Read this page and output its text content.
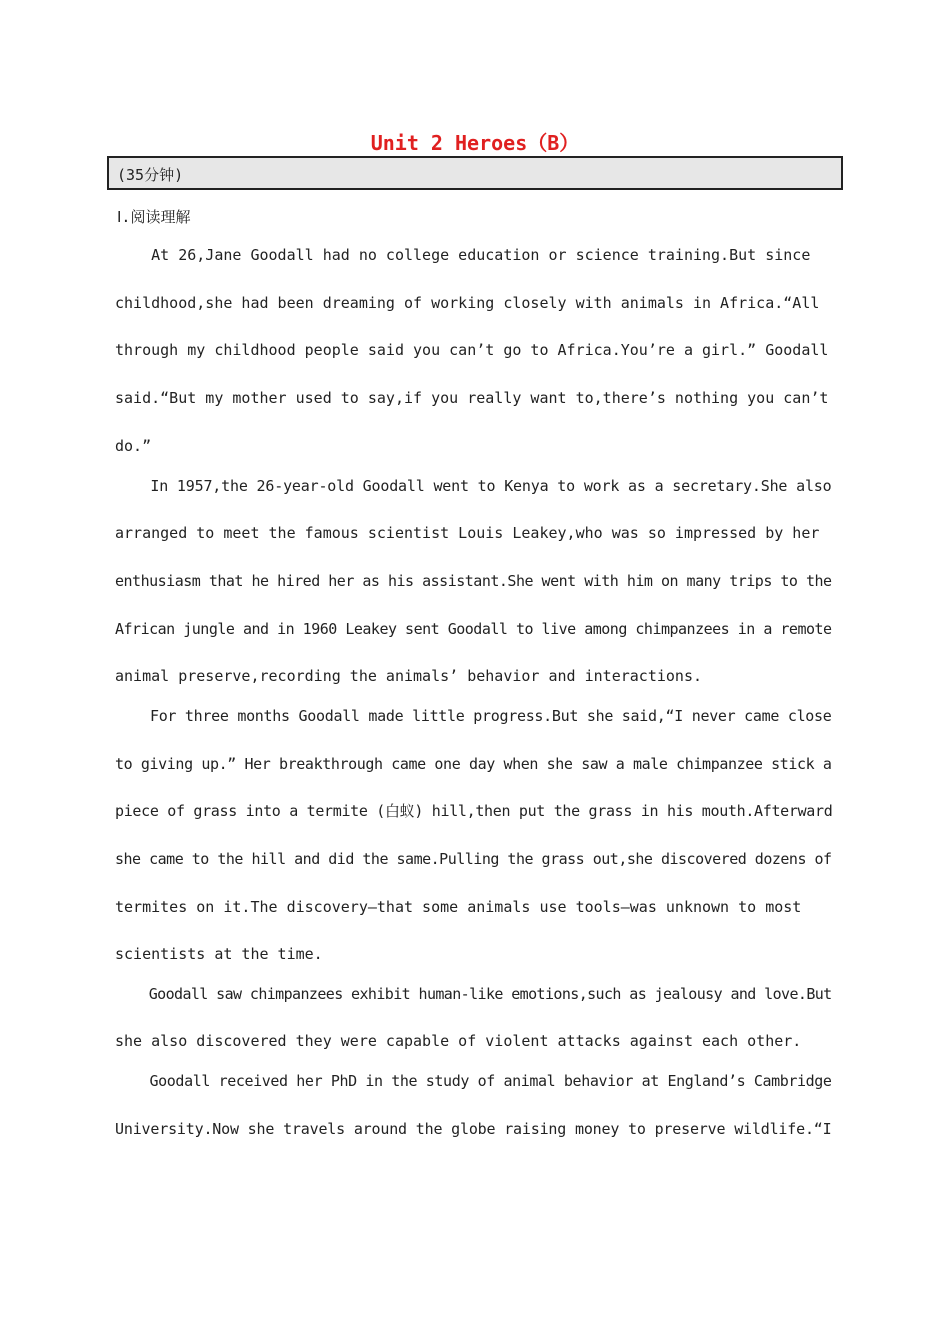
Unit 2 Heroes（B）
(35分钟)
Ⅰ.阅读理解
At 26,Jane Goodall had no college education or science training.But since
childhood,she had been dreaming of working closely with animals in Africa.“All
through my childhood people said you can’t go to Africa.You’re a girl.” Goodall
said.“But my mother used to say,if you really want to,there’s nothing you can’t
do.”
In 1957,the 26-year-old Goodall went to Kenya to work as a secretary.She also
arranged to meet the famous scientist Louis Leakey,who was so impressed by her
enthusiasm that he hired her as his assistant.She went with him on many trips to the
African jungle and in 1960 Leakey sent Goodall to live among chimpanzees in a remote
animal preserve,recording the animals’ behavior and interactions.
For three months Goodall made little progress.But she said,“I never came close
to giving up.” Her breakthrough came one day when she saw a male chimpanzee stick a
piece of grass into a termite (白蚁) hill,then put the grass in his mouth.Afterward
she came to the hill and did the same.Pulling the grass out,she discovered dozens of
termites on it.The discovery—that some animals use tools—was unknown to most
scientists at the time.
Goodall saw chimpanzees exhibit human-like emotions,such as jealousy and love.But
she also discovered they were capable of violent attacks against each other.
Goodall received her PhD in the study of animal behavior at England’s Cambridge
University.Now she travels around the globe raising money to preserve wildlife.“I
